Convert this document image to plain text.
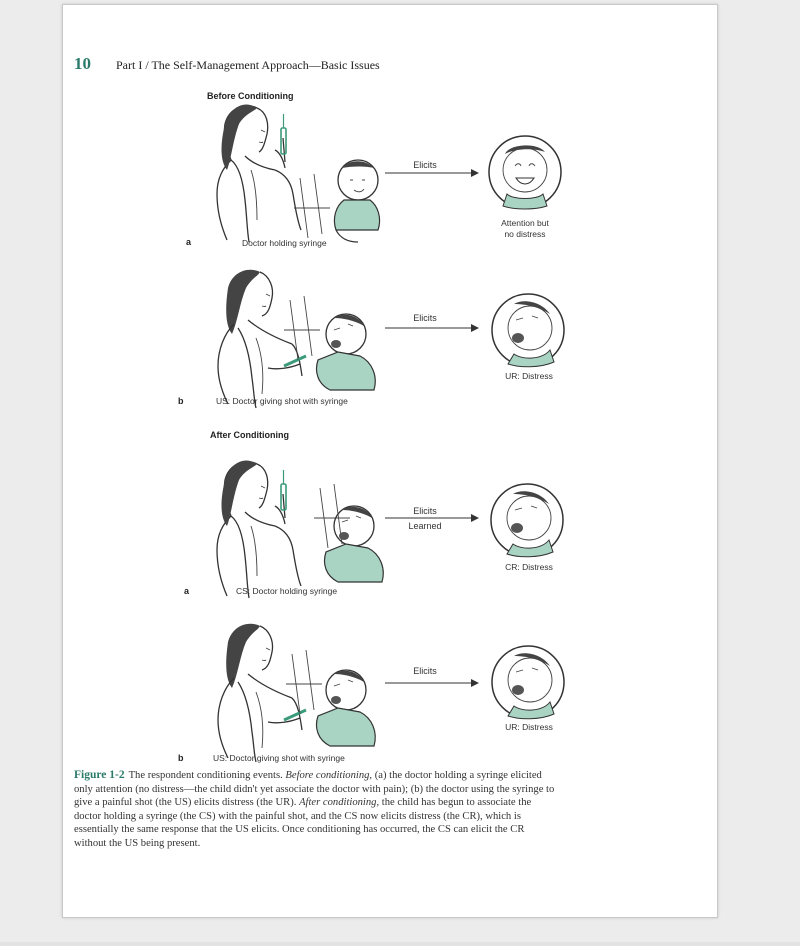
10 Part I / The Self-Management Approach—Basic Issues
Before Conditioning
After Conditioning
a	Doctor holding syringe
Elicits
Attention but
no distress
b	US: Doctor giving shot with syringe
Elicits
UR: Distress
a	CS: Doctor holding syringe
Elicits
Learned
CR: Distress
b	US: Doctor giving shot with syringe
Elicits
UR: Distress
Figure 1-2 The respondent conditioning events. Before conditioning, (a) the doctor holding a syringe elicited only attention (no distress—the child didn't yet associate the doctor with pain); (b) the doctor using the syringe to give a painful shot (the US) elicits distress (the UR). After conditioning, the child has begun to associate the doctor holding a syringe (the CS) with the painful shot, and the CS now elicits distress (the CR), which is essentially the same response that the US elicits. Once conditioning has occurred, the CS can elicit the CR without the US being present.
